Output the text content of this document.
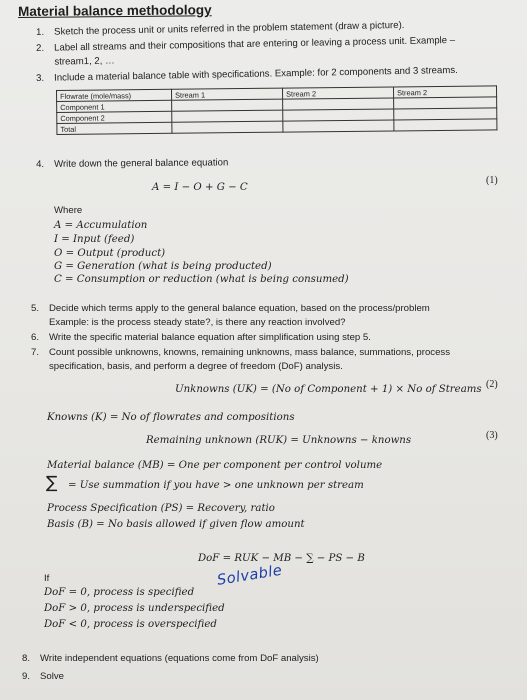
Material balance methodology
1. Sketch the process unit or units referred in the problem statement (draw a picture).
2. Label all streams and their compositions that are entering or leaving a process unit. Example –
stream1, 2, …
3. Include a material balance table with specifications. Example: for 2 components and 3 streams.
Flowrate (mole/mass)	Stream 1	Stream 2	Stream 2
Component 1			
Component 2			
Total			
4. Write down the general balance equation
A = I − O + G − C
(1)
Where
A = Accumulation
I = Input (feed)
O = Output (product)
G = Generation (what is being producted)
C = Consumption or reduction (what is being consumed)
5. Decide which terms apply to the general balance equation, based on the process/problem
Example: is the process steady state?, is there any reaction involved?
6. Write the specific material balance equation after simplification using step 5.
7. Count possible unknowns, knowns, remaining unknowns, mass balance, summations, process
specification, basis, and perform a degree of freedom (DoF) analysis.
Unknowns (UK) = (No of Component + 1) × No of Streams (2)
Knowns (K) = No of flowrates and compositions
Remaining unknown (RUK) = Unknowns − knowns	(3)
Material balance (MB) = One per component per control volume
∑ = Use summation if you have > one unknown per stream
Process Specification (PS) = Recovery, ratio
Basis (B) = No basis allowed if given flow amount
DoF = RUK − MB − ∑ − PS − B
If
DoF = 0, process is specified
DoF > 0, process is underspecified
DoF < 0, process is overspecified
Solvable
8. Write independent equations (equations come from DoF analysis)
9. Solve
